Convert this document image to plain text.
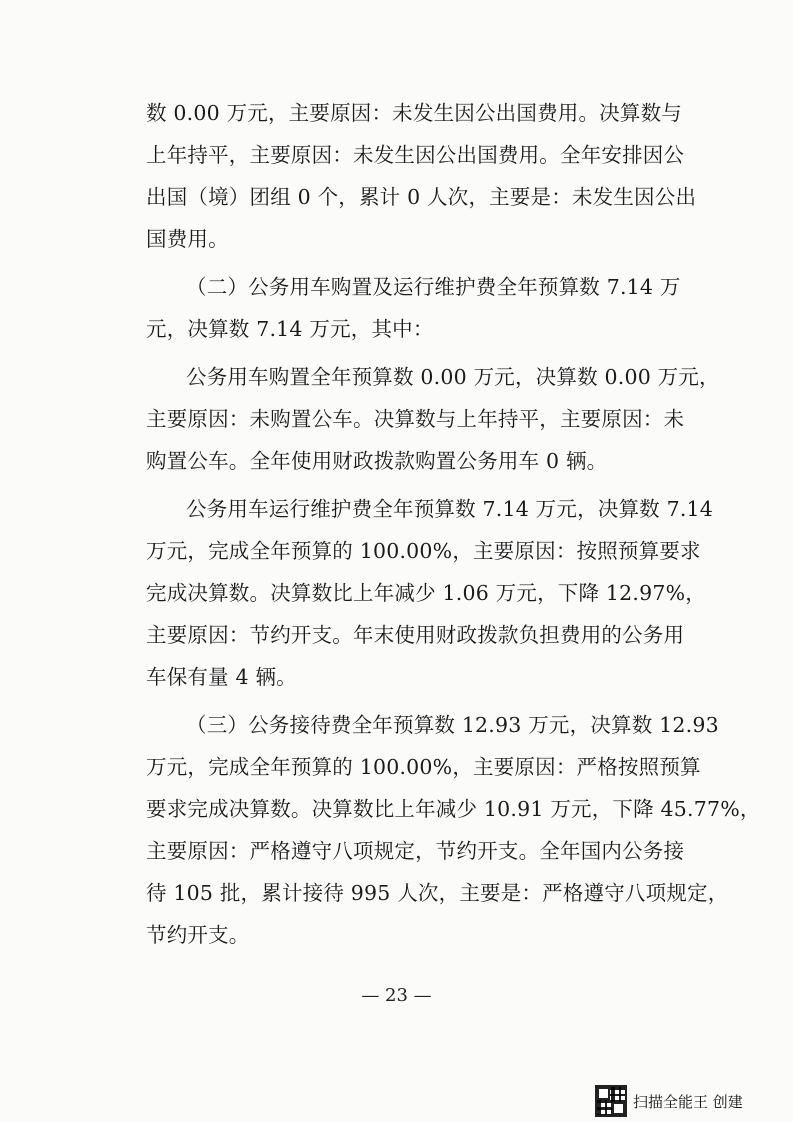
数 0.00 万元，主要原因：未发生因公出国费用。决算数与
上年持平，主要原因：未发生因公出国费用。全年安排因公
出国（境）团组 0 个，累计 0 人次，主要是：未发生因公出
国费用。
（二）公务用车购置及运行维护费全年预算数 7.14 万
元，决算数 7.14 万元，其中：
公务用车购置全年预算数 0.00 万元，决算数 0.00 万元，
主要原因：未购置公车。决算数与上年持平，主要原因：未
购置公车。全年使用财政拨款购置公务用车 0 辆。
公务用车运行维护费全年预算数 7.14 万元，决算数 7.14
万元，完成全年预算的 100.00%，主要原因：按照预算要求
完成决算数。决算数比上年减少 1.06 万元，下降 12.97%，
主要原因：节约开支。年末使用财政拨款负担费用的公务用
车保有量 4 辆。
（三）公务接待费全年预算数 12.93 万元，决算数 12.93
万元，完成全年预算的 100.00%，主要原因：严格按照预算
要求完成决算数。决算数比上年减少 10.91 万元，下降 45.77%，
主要原因：严格遵守八项规定，节约开支。全年国内公务接
待 105 批，累计接待 995 人次，主要是：严格遵守八项规定，
节约开支。
— 23 —
扫描全能王 创建
